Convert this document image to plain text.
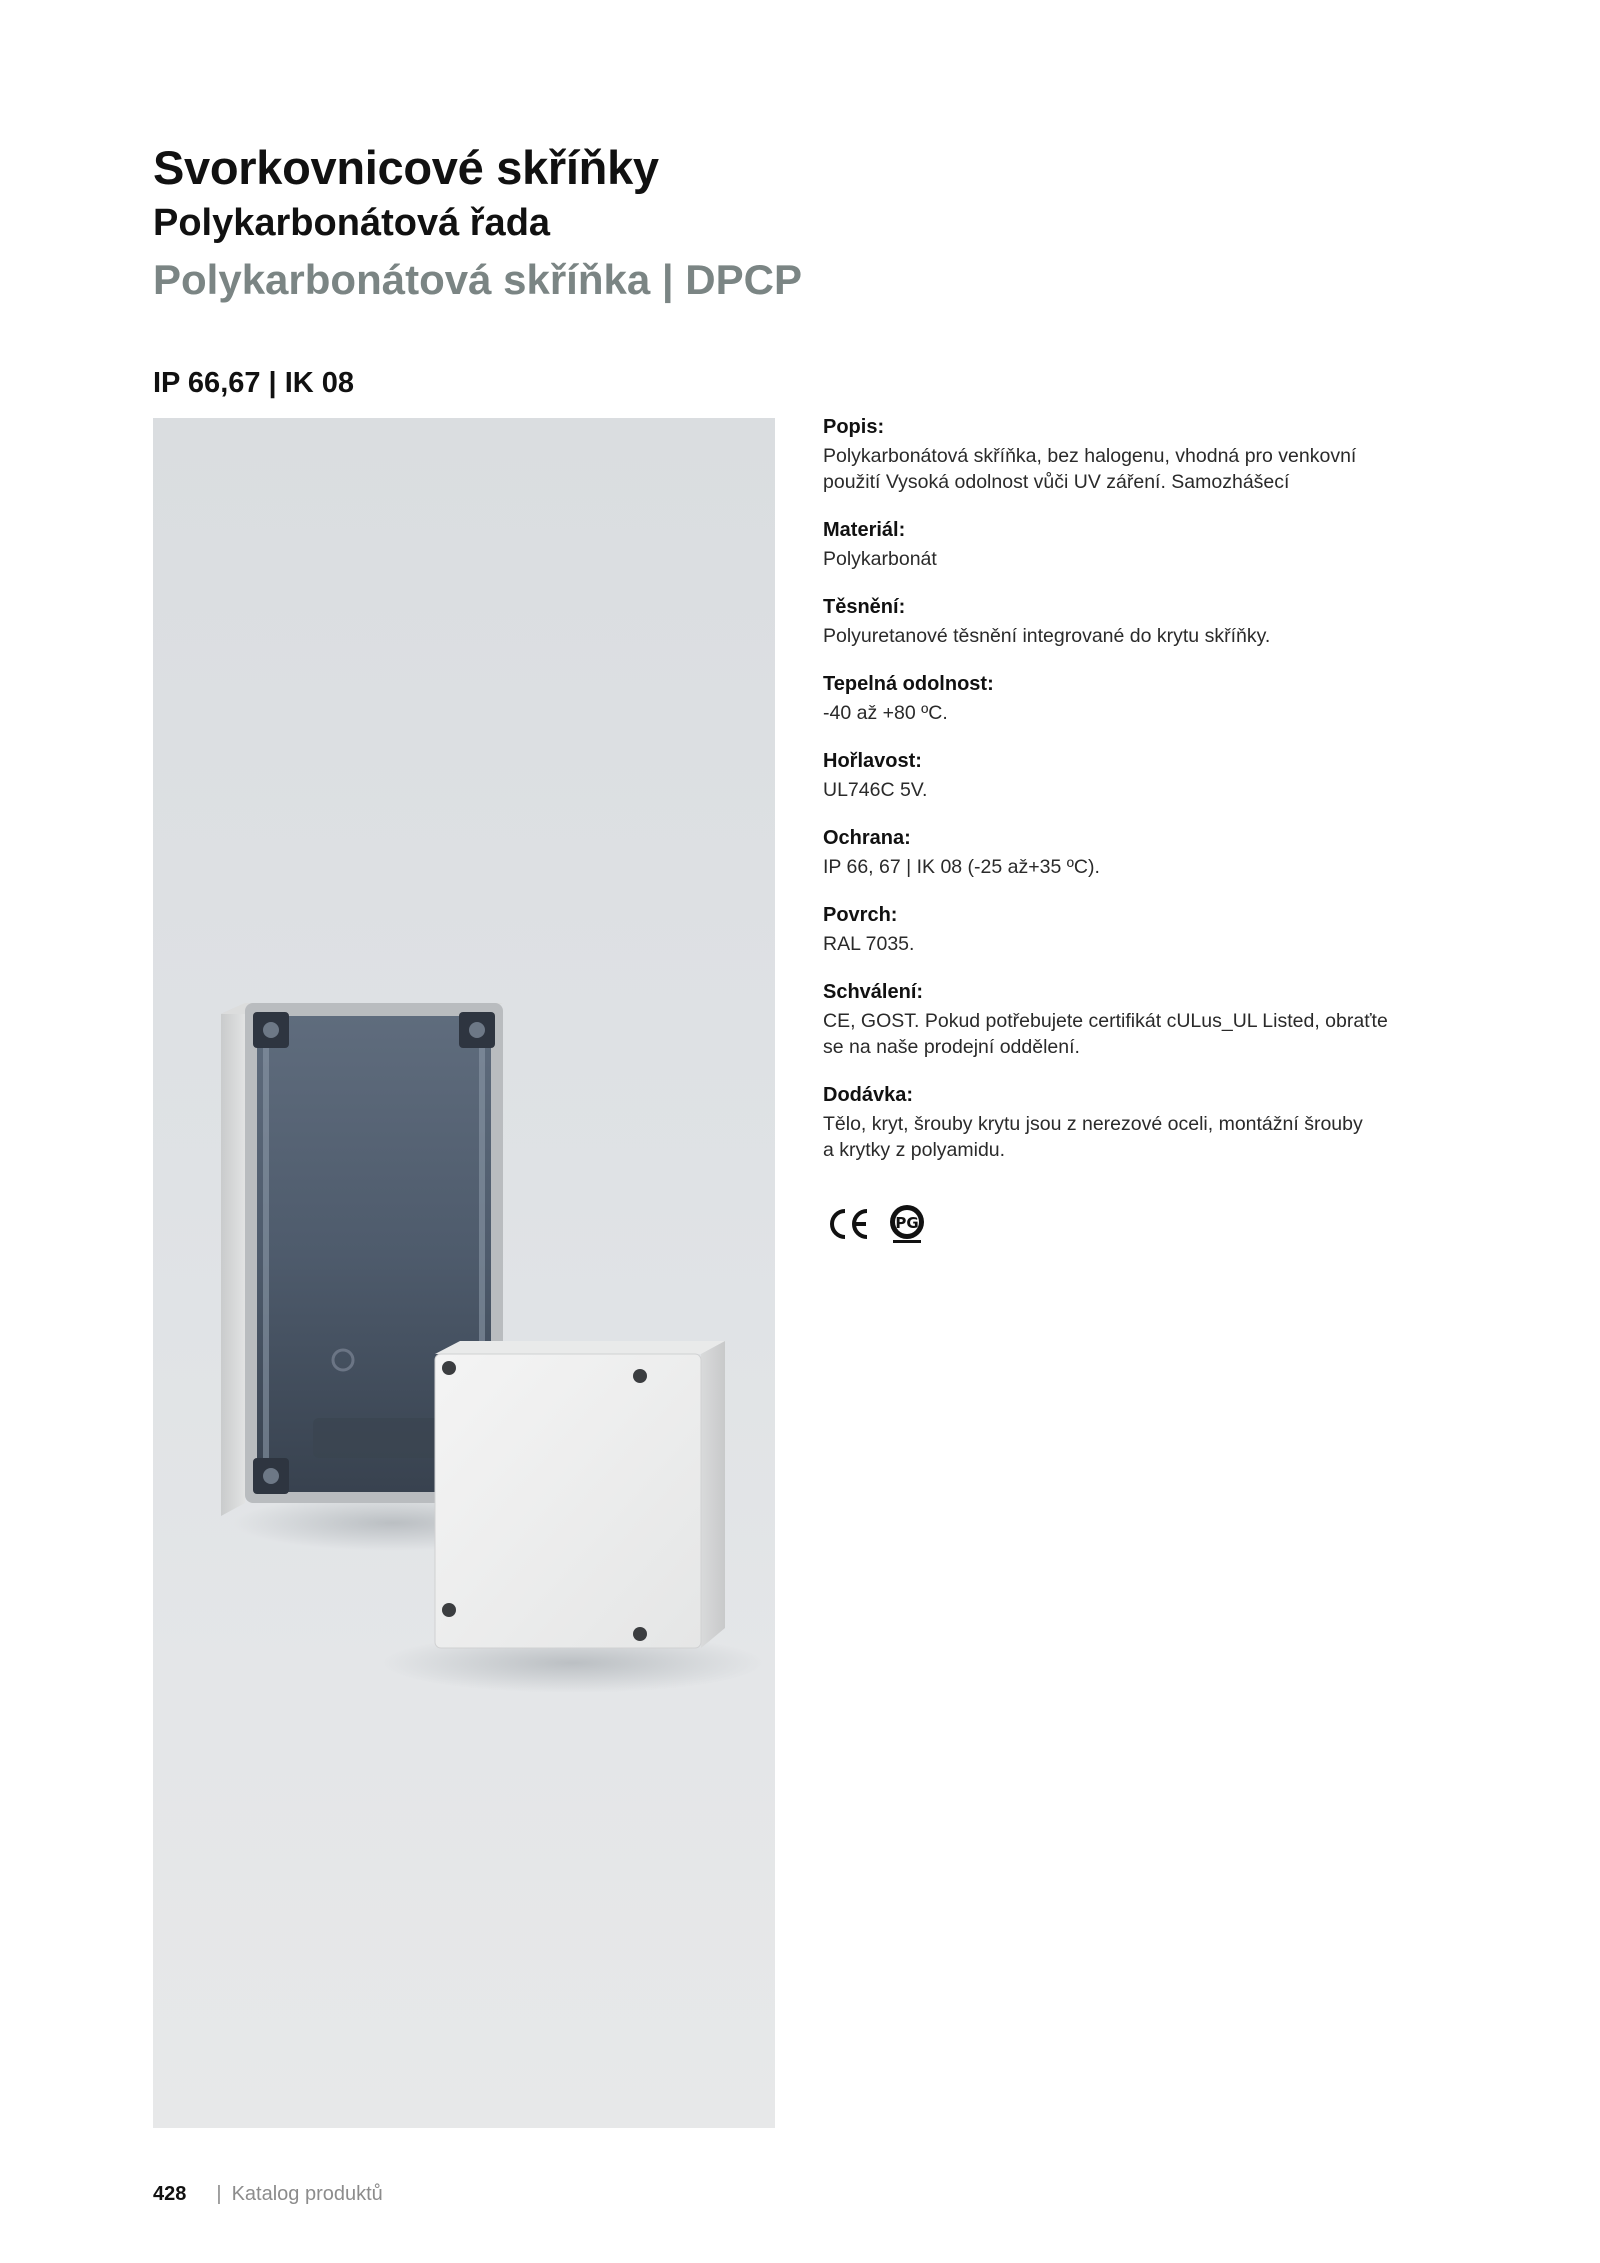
Svorkovnicové skříňky
Polykarbonátová řada
Polykarbonátová skříňka | DPCP
IP 66,67 | IK 08
Popis:
Polykarbonátová skříňka, bez halogenu, vhodná pro venkovní
použití Vysoká odolnost vůči UV záření. Samozhášecí
Materiál:
Polykarbonát
Těsnění:
Polyuretanové těsnění integrované do krytu skříňky.
Tepelná odolnost:
-40 až +80 ºC.
Hořlavost:
UL746C 5V.
Ochrana:
IP 66, 67 | IK 08 (-25 až+35 ºC).
Povrch:
RAL 7035.
Schválení:
CE, GOST. Pokud potřebujete certifikát cULus_UL Listed, obraťte
se na naše prodejní oddělení.
Dodávka:
Tělo, kryt, šrouby krytu jsou z nerezové oceli, montážní šrouby
a krytky z polyamidu.
PG
428 | Katalog produktů
